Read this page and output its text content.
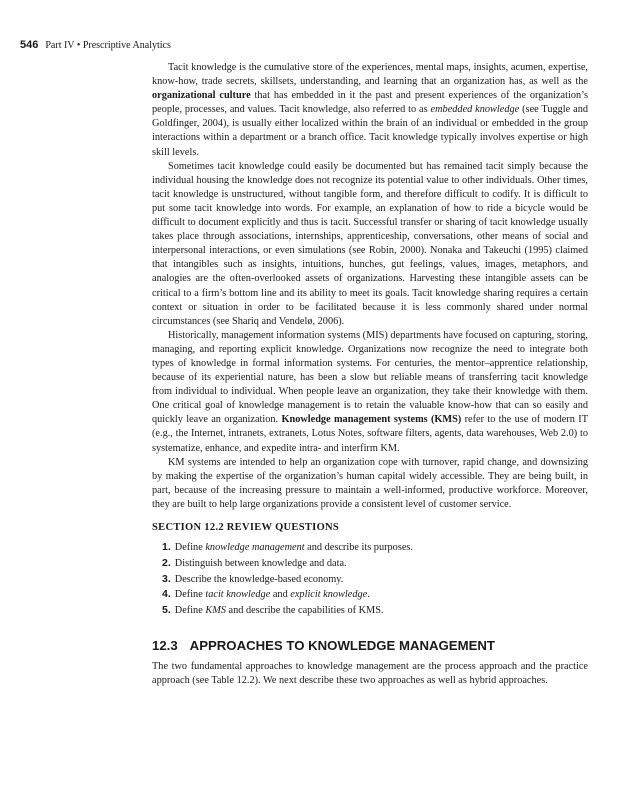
546 Part IV • Prescriptive Analytics

Tacit knowledge is the cumulative store of the experiences, mental maps, insights, acumen, expertise, know-how, trade secrets, skillsets, understanding, and learning that an organization has, as well as the organizational culture that has embedded in it the past and present experiences of the organization’s people, processes, and values. Tacit knowledge, also referred to as embedded knowledge (see Tuggle and Goldfinger, 2004), is usually either localized within the brain of an individual or embedded in the group interactions within a department or a branch office. Tacit knowledge typically involves expertise or high skill levels.

Sometimes tacit knowledge could easily be documented but has remained tacit simply because the individual housing the knowledge does not recognize its potential value to other individuals. Other times, tacit knowledge is unstructured, without tangible form, and therefore difficult to codify. It is difficult to put some tacit knowledge into words. For example, an explanation of how to ride a bicycle would be difficult to document explicitly and thus is tacit. Successful transfer or sharing of tacit knowledge usually takes place through associations, internships, apprenticeship, conversations, other means of social and interpersonal interactions, or even simulations (see Robin, 2000). Nonaka and Takeuchi (1995) claimed that intangibles such as insights, intuitions, hunches, gut feelings, values, images, metaphors, and analogies are the often-overlooked assets of organizations. Harvesting these intangible assets can be critical to a firm’s bottom line and its ability to meet its goals. Tacit knowledge sharing requires a certain context or situation in order to be facilitated because it is less commonly shared under normal circumstances (see Shariq and Vendelø, 2006).

Historically, management information systems (MIS) departments have focused on capturing, storing, managing, and reporting explicit knowledge. Organizations now recognize the need to integrate both types of knowledge in formal information systems. For centuries, the mentor–apprentice relationship, because of its experiential nature, has been a slow but reliable means of transferring tacit knowledge from individual to individual. When people leave an organization, they take their knowledge with them. One critical goal of knowledge management is to retain the valuable know-how that can so easily and quickly leave an organization. Knowledge management systems (KMS) refer to the use of modern IT (e.g., the Internet, intranets, extranets, Lotus Notes, software filters, agents, data warehouses, Web 2.0) to systematize, enhance, and expedite intra- and interfirm KM.

KM systems are intended to help an organization cope with turnover, rapid change, and downsizing by making the expertise of the organization’s human capital widely accessible. They are being built, in part, because of the increasing pressure to maintain a well-informed, productive workforce. Moreover, they are built to help large organizations provide a consistent level of customer service.

SECTION 12.2 REVIEW QUESTIONS
1. Define knowledge management and describe its purposes.
2. Distinguish between knowledge and data.
3. Describe the knowledge-based economy.
4. Define tacit knowledge and explicit knowledge.
5. Define KMS and describe the capabilities of KMS.
12.3 APPROACHES TO KNOWLEDGE MANAGEMENT

The two fundamental approaches to knowledge management are the process approach and the practice approach (see Table 12.2). We next describe these two approaches as well as hybrid approaches.
